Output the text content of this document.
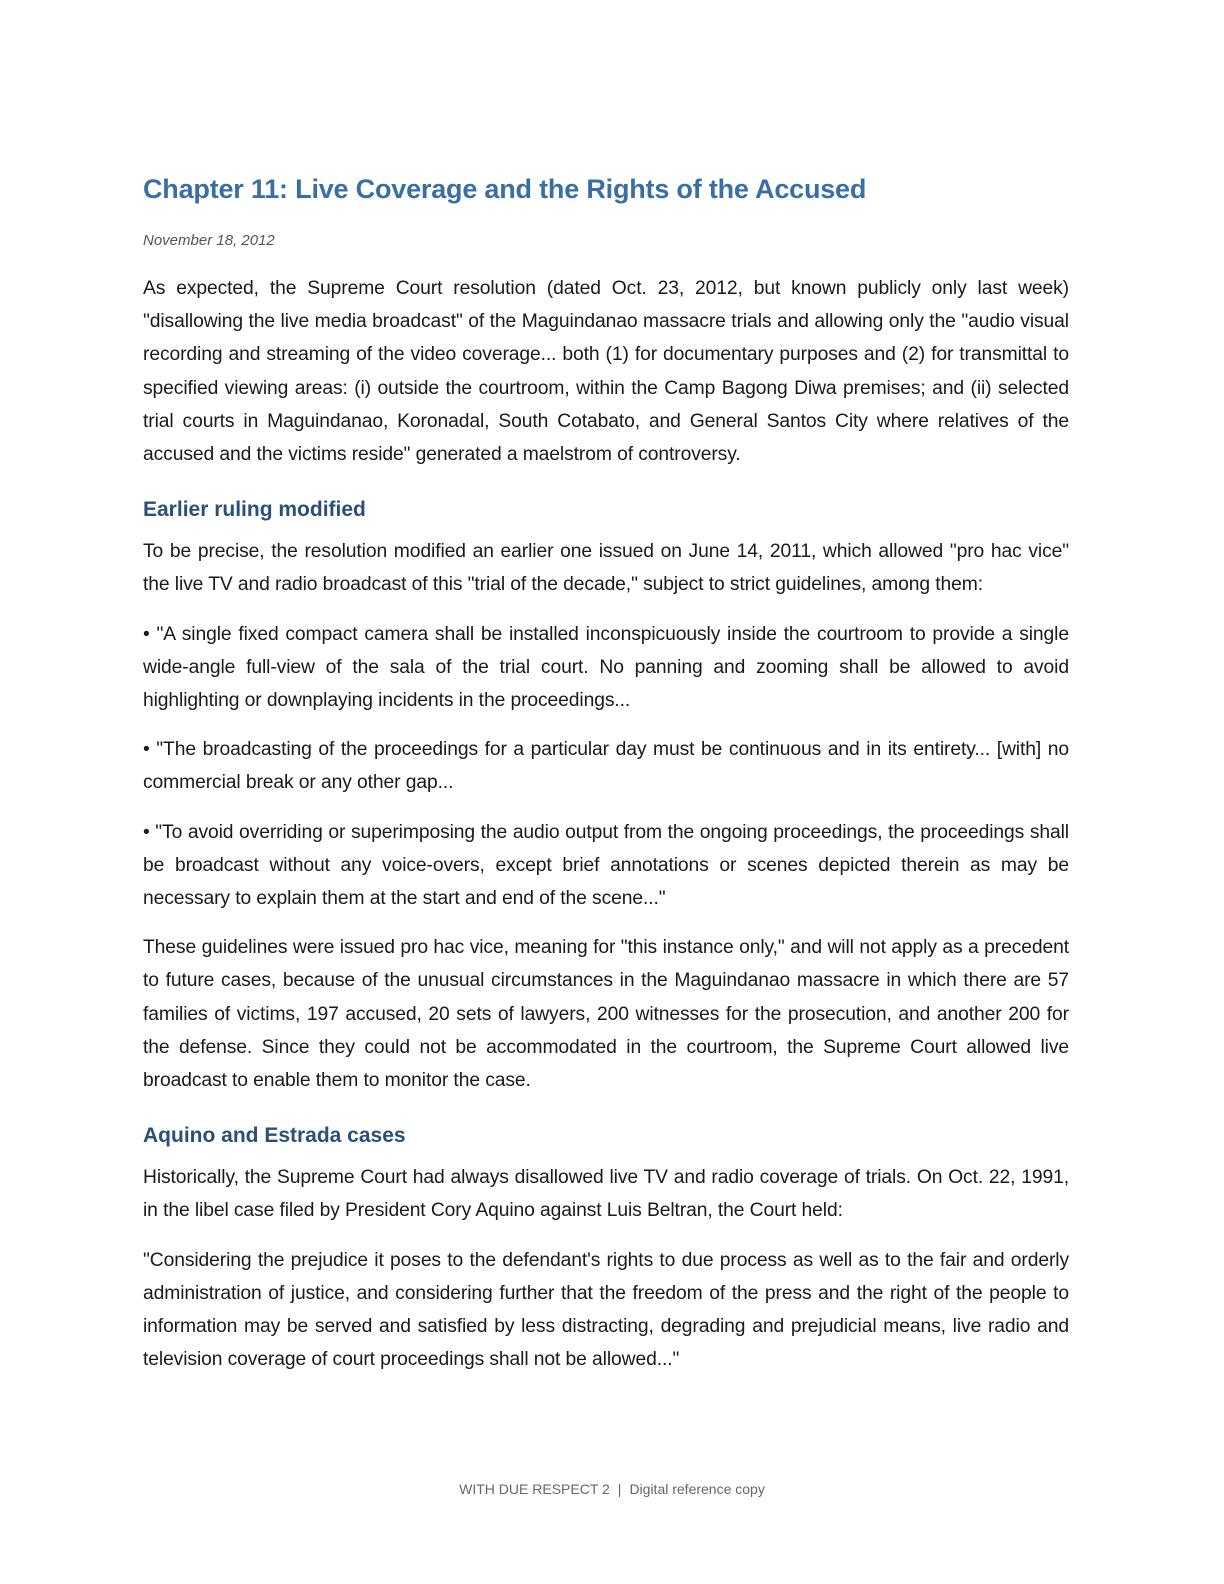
Chapter 11: Live Coverage and the Rights of the Accused
November 18, 2012

As expected, the Supreme Court resolution (dated Oct. 23, 2012, but known publicly only last week) "disallowing the live media broadcast" of the Maguindanao massacre trials and allowing only the "audio visual recording and streaming of the video coverage... both (1) for documentary purposes and (2) for transmittal to specified viewing areas: (i) outside the courtroom, within the Camp Bagong Diwa premises; and (ii) selected trial courts in Maguindanao, Koronadal, South Cotabato, and General Santos City where relatives of the accused and the victims reside" generated a maelstrom of controversy.

Earlier ruling modified

To be precise, the resolution modified an earlier one issued on June 14, 2011, which allowed "pro hac vice" the live TV and radio broadcast of this "trial of the decade," subject to strict guidelines, among them:

• "A single fixed compact camera shall be installed inconspicuously inside the courtroom to provide a single wide-angle full-view of the sala of the trial court. No panning and zooming shall be allowed to avoid highlighting or downplaying incidents in the proceedings...

• "The broadcasting of the proceedings for a particular day must be continuous and in its entirety... [with] no commercial break or any other gap...

• "To avoid overriding or superimposing the audio output from the ongoing proceedings, the proceedings shall be broadcast without any voice-overs, except brief annotations or scenes depicted therein as may be necessary to explain them at the start and end of the scene..."

These guidelines were issued pro hac vice, meaning for "this instance only," and will not apply as a precedent to future cases, because of the unusual circumstances in the Maguindanao massacre in which there are 57 families of victims, 197 accused, 20 sets of lawyers, 200 witnesses for the prosecution, and another 200 for the defense. Since they could not be accommodated in the courtroom, the Supreme Court allowed live broadcast to enable them to monitor the case.

Aquino and Estrada cases

Historically, the Supreme Court had always disallowed live TV and radio coverage of trials. On Oct. 22, 1991, in the libel case filed by President Cory Aquino against Luis Beltran, the Court held:

"Considering the prejudice it poses to the defendant's rights to due process as well as to the fair and orderly administration of justice, and considering further that the freedom of the press and the right of the people to information may be served and satisfied by less distracting, degrading and prejudicial means, live radio and television coverage of court proceedings shall not be allowed..."

WITH DUE RESPECT 2 | Digital reference copy
